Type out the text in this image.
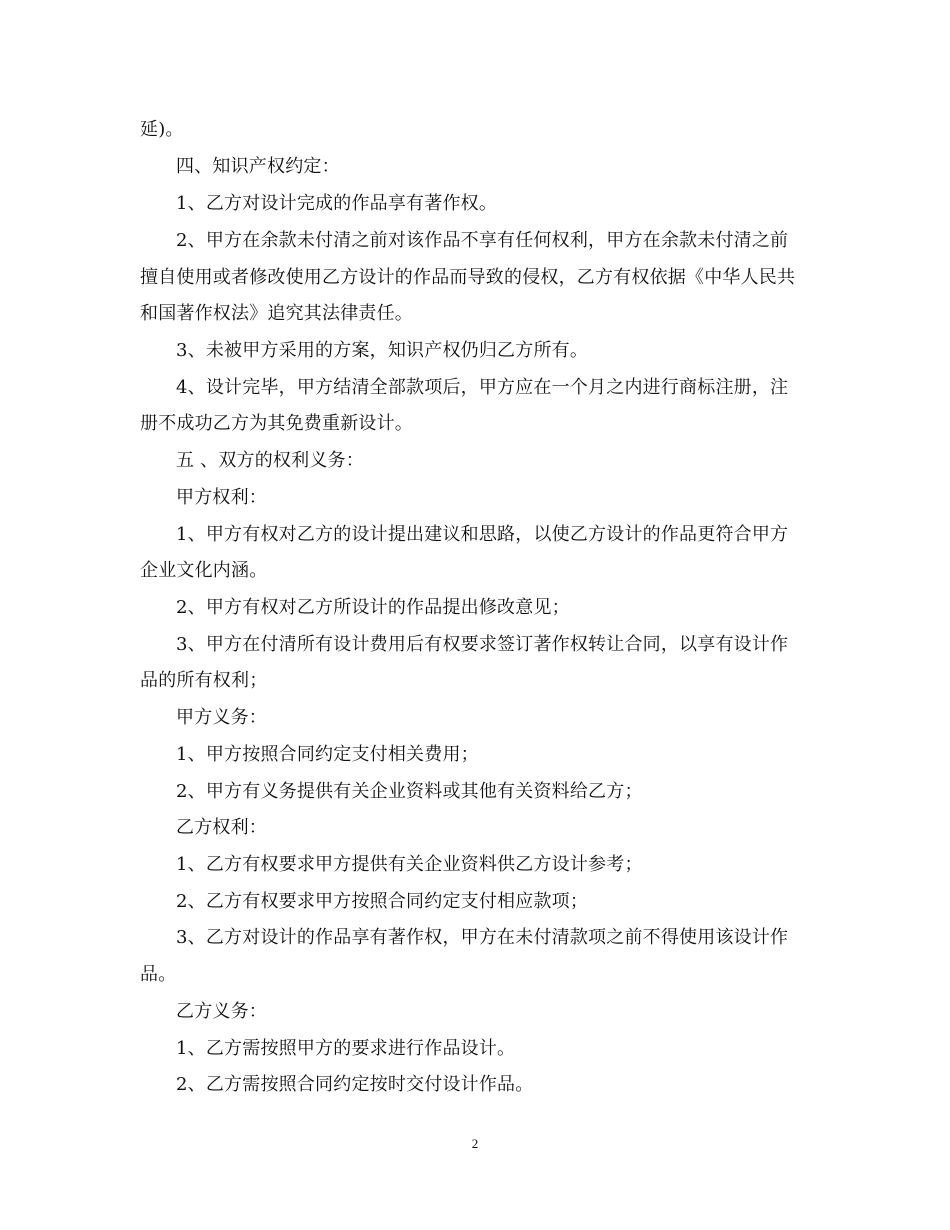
延)。
四、知识产权约定：
1、乙方对设计完成的作品享有著作权。
2、甲方在余款未付清之前对该作品不享有任何权利，甲方在余款未付清之前
擅自使用或者修改使用乙方设计的作品而导致的侵权，乙方有权依据《中华人民共
和国著作权法》追究其法律责任。
3、未被甲方采用的方案，知识产权仍归乙方所有。
4、设计完毕，甲方结清全部款项后，甲方应在一个月之内进行商标注册，注
册不成功乙方为其免费重新设计。
五 、双方的权利义务：
甲方权利：
1、甲方有权对乙方的设计提出建议和思路，以使乙方设计的作品更符合甲方
企业文化内涵。
2、甲方有权对乙方所设计的作品提出修改意见；
3、甲方在付清所有设计费用后有权要求签订著作权转让合同，以享有设计作
品的所有权利；
甲方义务：
1、甲方按照合同约定支付相关费用；
2、甲方有义务提供有关企业资料或其他有关资料给乙方；
乙方权利：
1、乙方有权要求甲方提供有关企业资料供乙方设计参考；
2、乙方有权要求甲方按照合同约定支付相应款项；
3、乙方对设计的作品享有著作权，甲方在未付清款项之前不得使用该设计作
品。
乙方义务：
1、乙方需按照甲方的要求进行作品设计。
2、乙方需按照合同约定按时交付设计作品。
2
